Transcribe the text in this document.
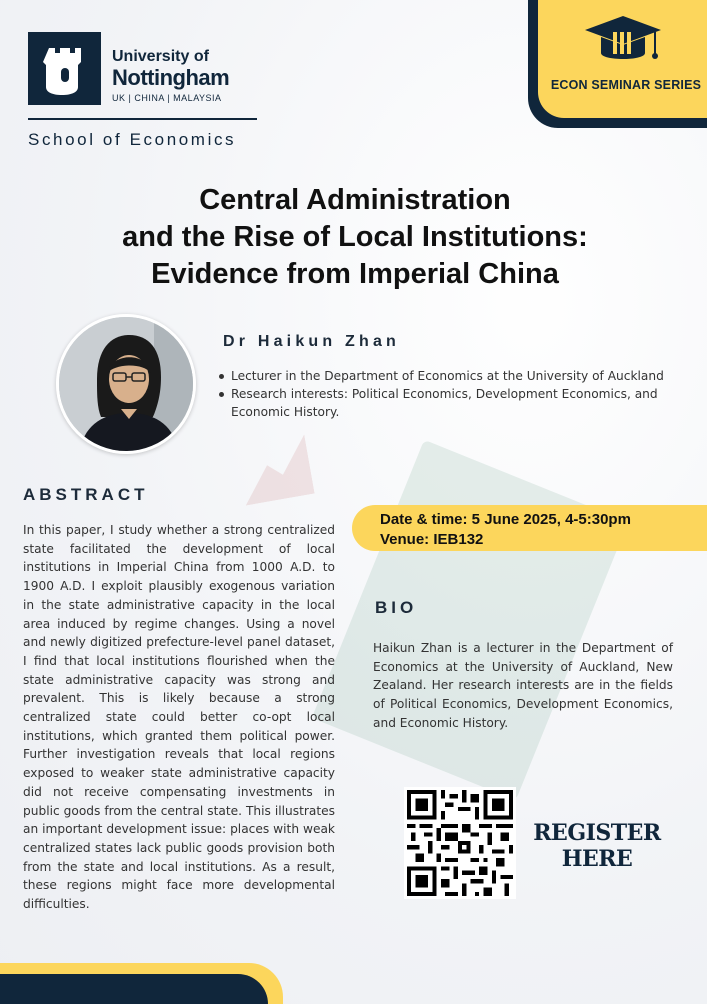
University of
Nottingham
UK | CHINA | MALAYSIA
School of Economics
ECON SEMINAR SERIES
Central Administration
and the Rise of Local Institutions:
Evidence from Imperial China
Dr Haikun Zhan
Lecturer in the Department of Economics at the University of Auckland
Research interests: Political Economics, Development Economics, and Economic History.
ABSTRACT
In this paper, I study whether a strong centralized state facilitated the development of local institutions in Imperial China from 1000 A.D. to 1900 A.D. I exploit plausibly exogenous variation in the state administrative capacity in the local area induced by regime changes. Using a novel and newly digitized prefecture-level panel dataset, I find that local institutions flourished when the state administrative capacity was strong and prevalent. This is likely because a strong centralized state could better co-opt local institutions, which granted them political power. Further investigation reveals that local regions exposed to weaker state administrative capacity did not receive compensating investments in public goods from the central state. This illustrates an important development issue: places with weak centralized states lack public goods provision both from the state and local institutions. As a result, these regions might face more developmental difficulties.
Date & time: 5 June 2025, 4-5:30pm
Venue: IEB132
BIO
Haikun Zhan is a lecturer in the Department of Economics at the University of Auckland, New Zealand. Her research interests are in the fields of Political Economics, Development Economics, and Economic History.
REGISTER
HERE
